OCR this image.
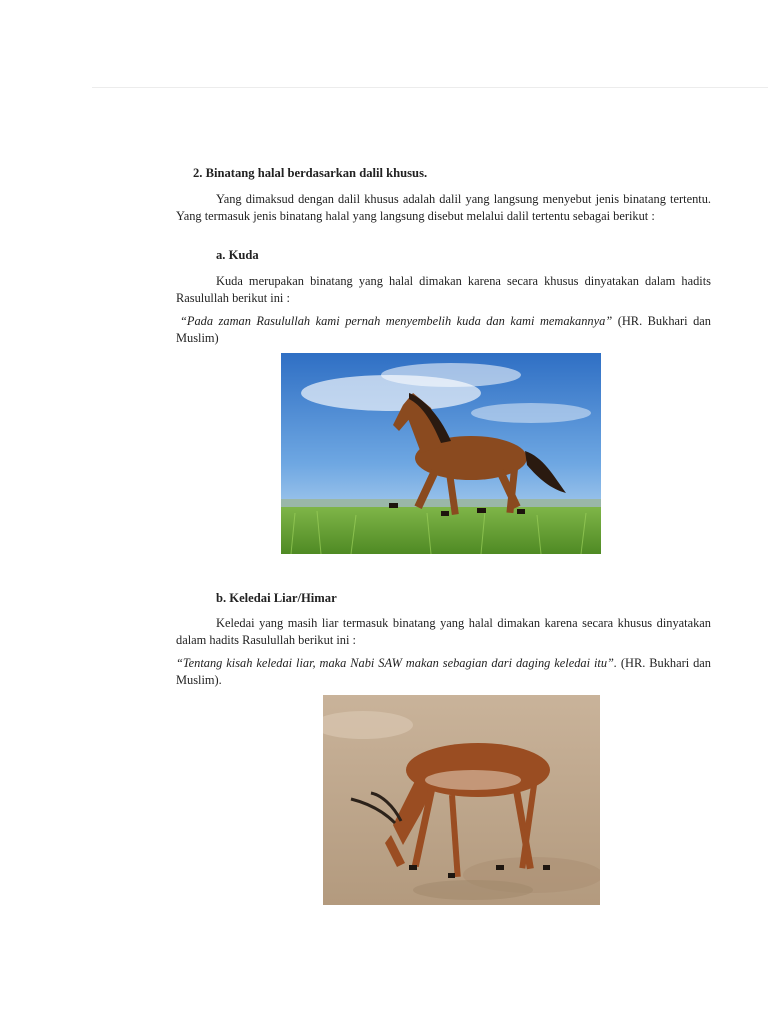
2. Binatang halal berdasarkan dalil khusus.

Yang dimaksud dengan dalil khusus adalah dalil yang langsung menyebut jenis binatang tertentu. Yang termasuk jenis binatang halal yang langsung disebut melalui dalil tertentu sebagai berikut :

a. Kuda

Kuda merupakan binatang yang halal dimakan karena secara khusus dinyatakan dalam hadits Rasulullah berikut ini :

“Pada zaman Rasulullah kami pernah menyembelih kuda dan kami memakannya” (HR. Bukhari dan Muslim)

b. Keledai Liar/Himar

Keledai yang masih liar termasuk binatang yang halal dimakan karena secara khusus dinyatakan dalam hadits Rasulullah berikut ini :

“Tentang kisah keledai liar, maka Nabi SAW makan sebagian dari daging keledai itu”. (HR. Bukhari dan Muslim).
